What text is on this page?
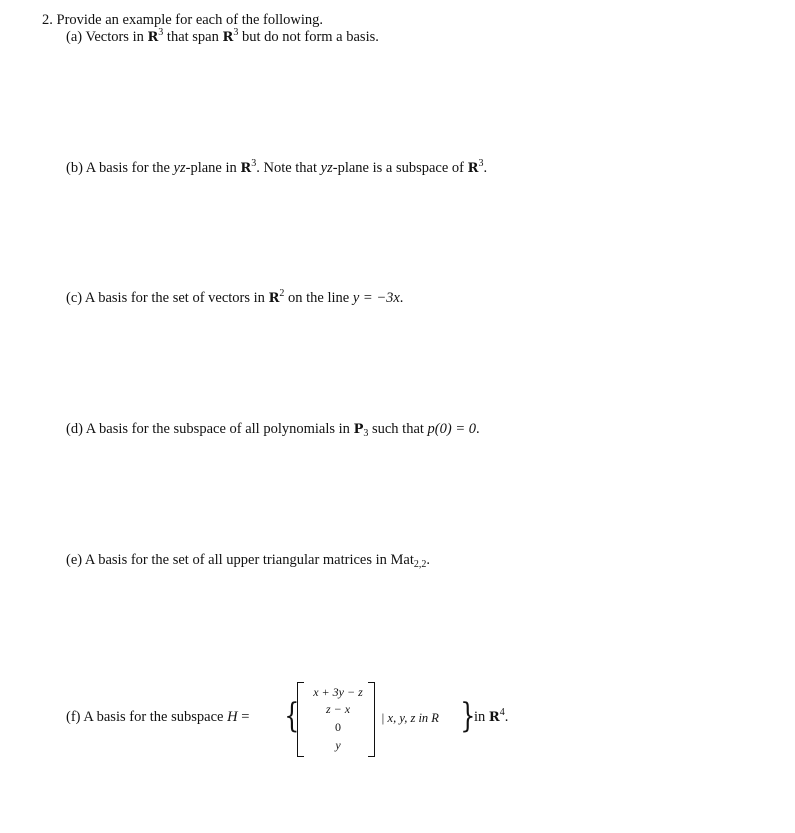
2. Provide an example for each of the following.
(a) Vectors in $R^3$ that span $R^3$ but do not form a basis.
(b) A basis for the yz-plane in $R^3$. Note that yz-plane is a subspace of $R^3$.
(c) A basis for the set of vectors in $R^2$ on the line y = −3x.
(d) A basis for the subspace of all polynomials in $P_3$ such that p(0) = 0.
(e) A basis for the set of all upper triangular matrices in Mat$_{2,2}$.
(f) A basis for the subspace H = {
x + 3y − z
z − x
0
y
| x, y, z in R }
in $R^4$.
